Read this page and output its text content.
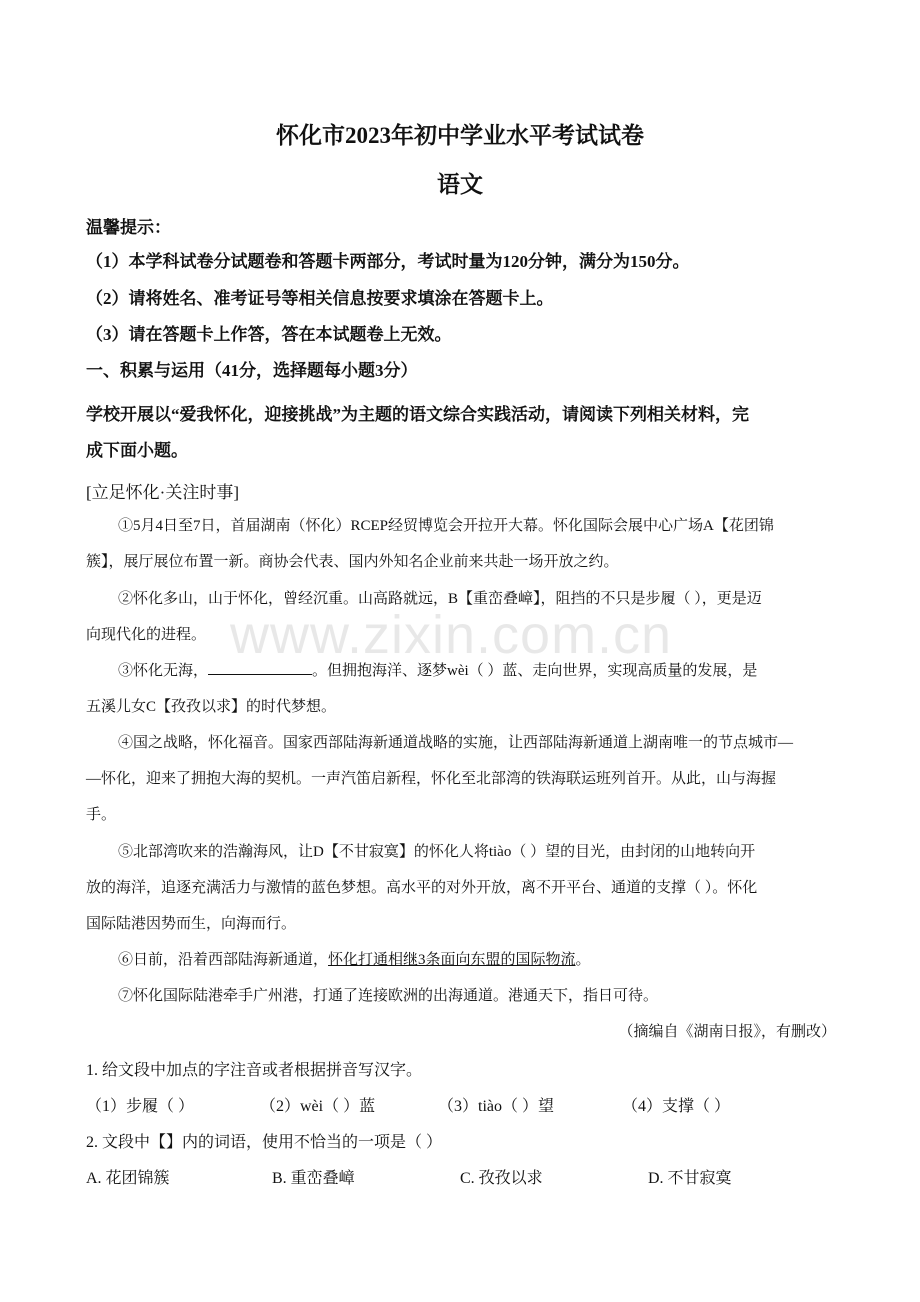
www.zixin.com.cn
怀化市2023年初中学业水平考试试卷
语文
温馨提示：
（1）本学科试卷分试题卷和答题卡两部分，考试时量为120分钟，满分为150分。
（2）请将姓名、准考证号等相关信息按要求填涂在答题卡上。
（3）请在答题卡上作答，答在本试题卷上无效。
一、积累与运用（41分，选择题每小题3分）
学校开展以“爱我怀化，迎接挑战”为主题的语文综合实践活动，请阅读下列相关材料，完
成下面小题。
[立足怀化·关注时事]
①5月4日至7日，首届湖南（怀化）RCEP经贸博览会开拉开大幕。怀化国际会展中心广场A【花团锦
簇】，展厅展位布置一新。商协会代表、国内外知名企业前来共赴一场开放之约。
②怀化多山，山于怀化，曾经沉重。山高路就远，B【重峦叠嶂】，阻挡的不只是步履（ ），更是迈
向现代化的进程。
③怀化无海，	。但拥抱海洋、逐梦wèi（ ）蓝、走向世界，实现高质量的发展，是
五溪儿女C【孜孜以求】的时代梦想。
④国之战略，怀化福音。国家西部陆海新通道战略的实施，让西部陆海新通道上湖南唯一的节点城市—
—怀化，迎来了拥抱大海的契机。一声汽笛启新程，怀化至北部湾的铁海联运班列首开。从此，山与海握
手。
⑤北部湾吹来的浩瀚海风，让D【不甘寂寞】的怀化人将tiào（ ）望的目光，由封闭的山地转向开
放的海洋，追逐充满活力与激情的蓝色梦想。高水平的对外开放，离不开平台、通道的支撑（ ）。怀化
国际陆港因势而生，向海而行。
⑥日前，沿着西部陆海新通道，怀化打通相继3条面向东盟的国际物流。
⑦怀化国际陆港牵手广州港，打通了连接欧洲的出海通道。港通天下，指日可待。
（摘编自《湖南日报》，有删改）
1. 给文段中加点的字注音或者根据拼音写汉字。
（1）步履（ ）	（2）wèi（ ）蓝	（3）tiào（ ）望	（4）支撑（ ）
2. 文段中【】内的词语，使用不恰当的一项是（ ）
A. 花团锦簇	B. 重峦叠嶂	C. 孜孜以求	D. 不甘寂寞
